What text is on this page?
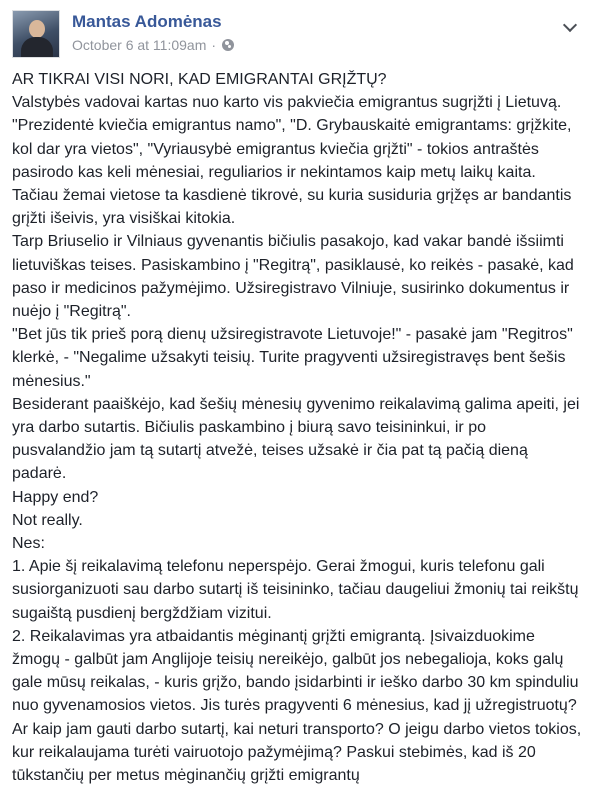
Mantas Adomėnas
October 6 at 11:09am ·

AR TIKRAI VISI NORI, KAD EMIGRANTAI GRĮŽTŲ?

Valstybės vadovai kartas nuo karto vis pakviečia emigrantus sugrįžti į Lietuvą. "Prezidentė kviečia emigrantus namo", "D. Grybauskaitė emigrantams: grįžkite, kol dar yra vietos", "Vyriausybė emigrantus kviečia grįžti" - tokios antraštės pasirodo kas keli mėnesiai, reguliarios ir nekintamos kaip metų laikų kaita.

Tačiau žemai vietose ta kasdienė tikrovė, su kuria susiduria grįžęs ar bandantis grįžti išeivis, yra visiškai kitokia.

Tarp Briuselio ir Vilniaus gyvenantis bičiulis pasakojo, kad vakar bandė išsiimti lietuviškas teises. Pasiskambino į "Regitrą", pasiklausė, ko reikės - pasakė, kad paso ir medicinos pažymėjimo. Užsiregistravo Vilniuje, susirinko dokumentus ir nuėjo į "Regitrą".

"Bet jūs tik prieš porą dienų užsiregistravote Lietuvoje!" - pasakė jam "Regitros" klerkė, - "Negalime užsakyti teisių. Turite pragyventi užsiregistravęs bent šešis mėnesius."

Besiderant paaiškėjo, kad šešių mėnesių gyvenimo reikalavimą galima apeiti, jei yra darbo sutartis. Bičiulis paskambino į biurą savo teisininkui, ir po pusvalandžio jam tą sutartį atvežė, teises užsakė ir čia pat tą pačią dieną padarė.

Happy end?

Not really.

Nes:

1. Apie šį reikalavimą telefonu neperspėjo. Gerai žmogui, kuris telefonu gali susiorganizuoti sau darbo sutartį iš teisininko, tačiau daugeliui žmonių tai reikštų sugaištą pusdienį bergždžiam vizitui.

2. Reikalavimas yra atbaidantis mėginantį grįžti emigrantą. Įsivaizduokime žmogų - galbūt jam Anglijoje teisių nereikėjo, galbūt jos nebegalioja, koks galų gale mūsų reikalas, - kuris grįžo, bando įsidarbinti ir ieško darbo 30 km spinduliu nuo gyvenamosios vietos. Jis turės pragyventi 6 mėnesius, kad jį užregistruotų? Ar kaip jam gauti darbo sutartį, kai neturi transporto? O jeigu darbo vietos tokios, kur reikalaujama turėti vairuotojo pažymėjimą? Paskui stebimės, kad iš 20 tūkstančių per metus mėginančių grįžti emigrantų
